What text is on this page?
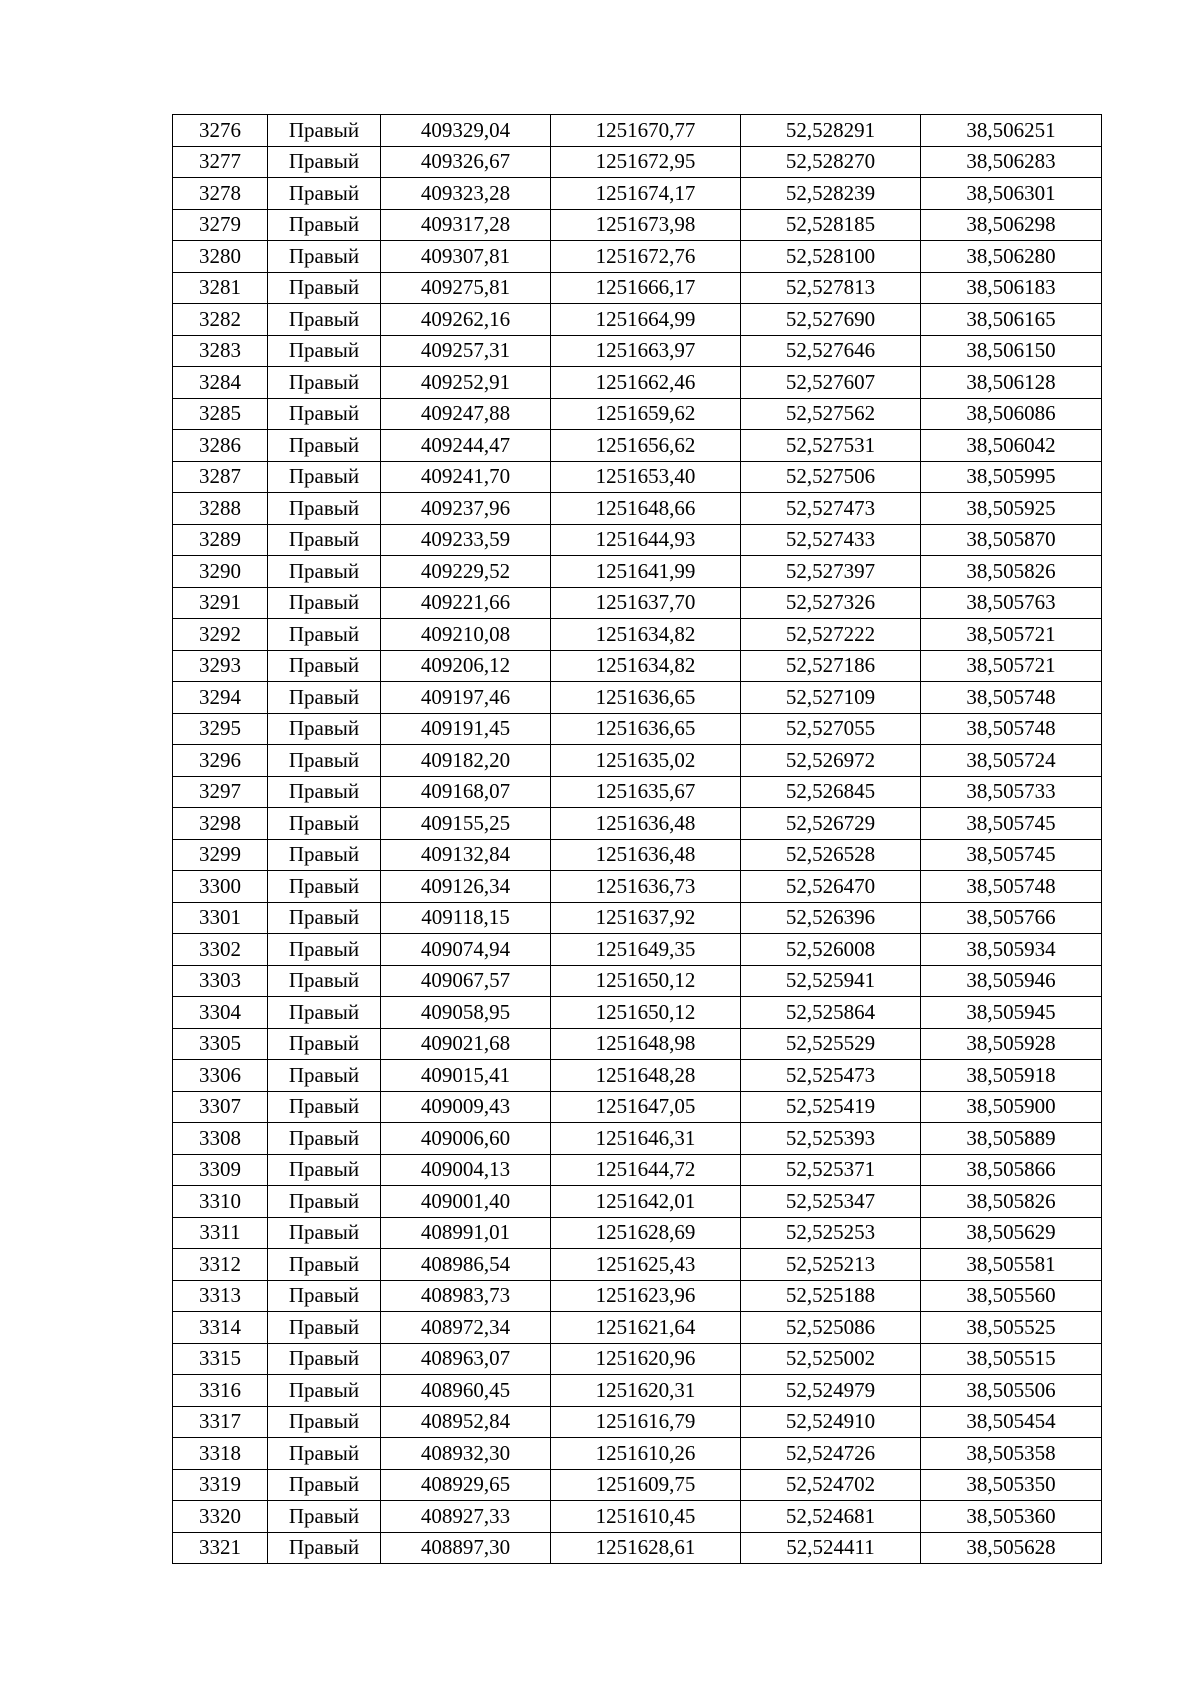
3276	Правый	409329,04	1251670,77	52,528291	38,506251
3277	Правый	409326,67	1251672,95	52,528270	38,506283
3278	Правый	409323,28	1251674,17	52,528239	38,506301
3279	Правый	409317,28	1251673,98	52,528185	38,506298
3280	Правый	409307,81	1251672,76	52,528100	38,506280
3281	Правый	409275,81	1251666,17	52,527813	38,506183
3282	Правый	409262,16	1251664,99	52,527690	38,506165
3283	Правый	409257,31	1251663,97	52,527646	38,506150
3284	Правый	409252,91	1251662,46	52,527607	38,506128
3285	Правый	409247,88	1251659,62	52,527562	38,506086
3286	Правый	409244,47	1251656,62	52,527531	38,506042
3287	Правый	409241,70	1251653,40	52,527506	38,505995
3288	Правый	409237,96	1251648,66	52,527473	38,505925
3289	Правый	409233,59	1251644,93	52,527433	38,505870
3290	Правый	409229,52	1251641,99	52,527397	38,505826
3291	Правый	409221,66	1251637,70	52,527326	38,505763
3292	Правый	409210,08	1251634,82	52,527222	38,505721
3293	Правый	409206,12	1251634,82	52,527186	38,505721
3294	Правый	409197,46	1251636,65	52,527109	38,505748
3295	Правый	409191,45	1251636,65	52,527055	38,505748
3296	Правый	409182,20	1251635,02	52,526972	38,505724
3297	Правый	409168,07	1251635,67	52,526845	38,505733
3298	Правый	409155,25	1251636,48	52,526729	38,505745
3299	Правый	409132,84	1251636,48	52,526528	38,505745
3300	Правый	409126,34	1251636,73	52,526470	38,505748
3301	Правый	409118,15	1251637,92	52,526396	38,505766
3302	Правый	409074,94	1251649,35	52,526008	38,505934
3303	Правый	409067,57	1251650,12	52,525941	38,505946
3304	Правый	409058,95	1251650,12	52,525864	38,505945
3305	Правый	409021,68	1251648,98	52,525529	38,505928
3306	Правый	409015,41	1251648,28	52,525473	38,505918
3307	Правый	409009,43	1251647,05	52,525419	38,505900
3308	Правый	409006,60	1251646,31	52,525393	38,505889
3309	Правый	409004,13	1251644,72	52,525371	38,505866
3310	Правый	409001,40	1251642,01	52,525347	38,505826
3311	Правый	408991,01	1251628,69	52,525253	38,505629
3312	Правый	408986,54	1251625,43	52,525213	38,505581
3313	Правый	408983,73	1251623,96	52,525188	38,505560
3314	Правый	408972,34	1251621,64	52,525086	38,505525
3315	Правый	408963,07	1251620,96	52,525002	38,505515
3316	Правый	408960,45	1251620,31	52,524979	38,505506
3317	Правый	408952,84	1251616,79	52,524910	38,505454
3318	Правый	408932,30	1251610,26	52,524726	38,505358
3319	Правый	408929,65	1251609,75	52,524702	38,505350
3320	Правый	408927,33	1251610,45	52,524681	38,505360
3321	Правый	408897,30	1251628,61	52,524411	38,505628
